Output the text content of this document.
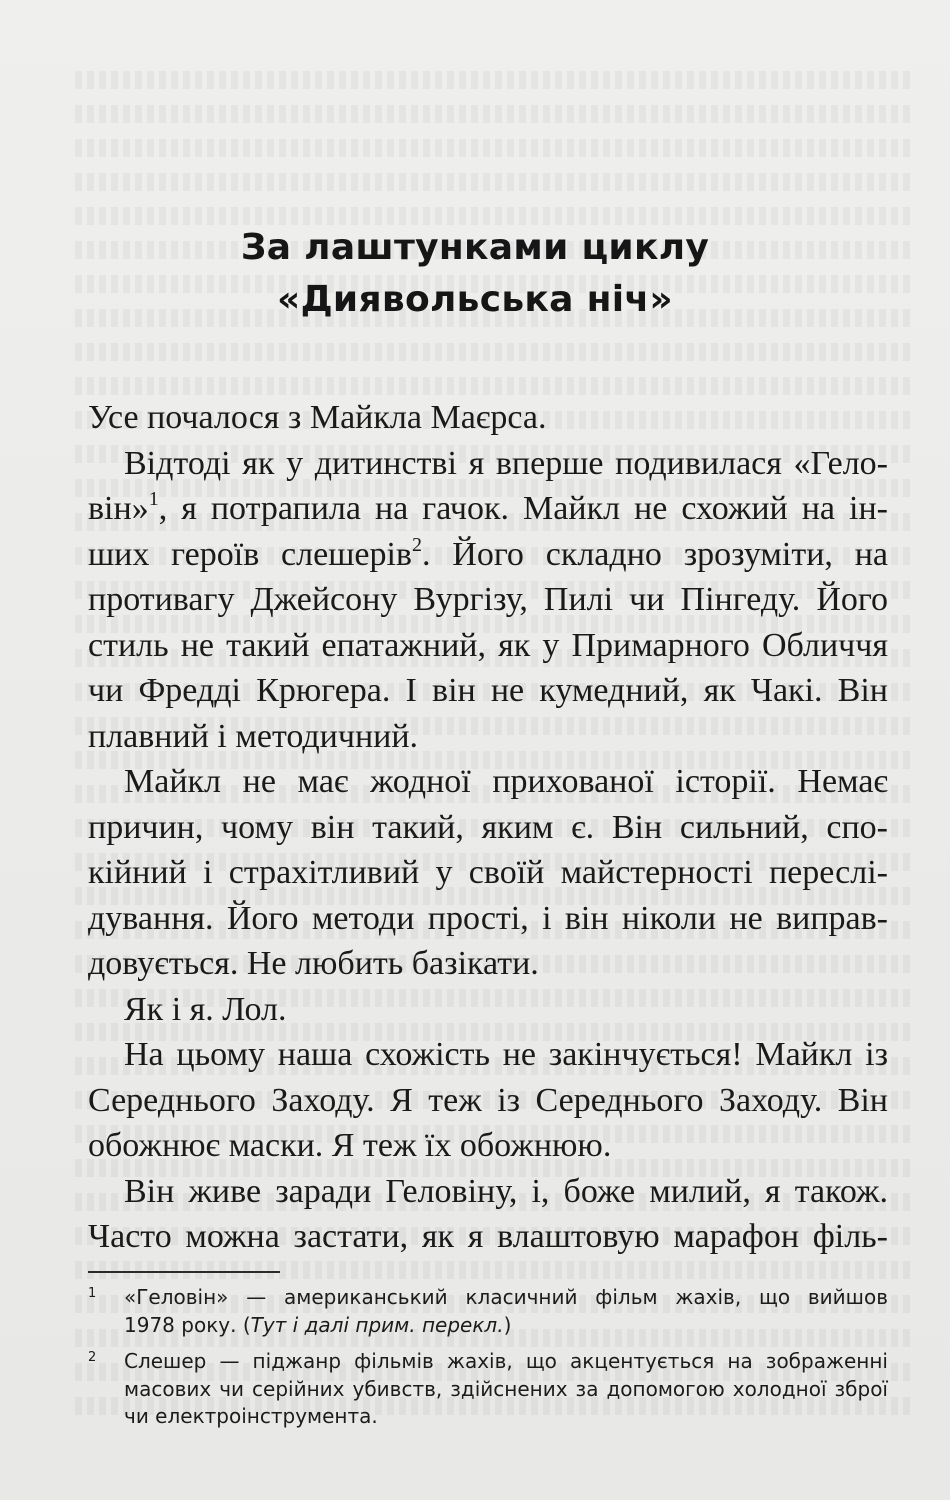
За лаштунками циклу
«Диявольська ніч»
Усе почалося з Майкла Маєрса.
Відтоді як у дитинстві я вперше подивилася «Гело-
він»$^1$, я потрапила на гачок. Майкл не схожий на ін-
ших героїв слешерів$^2$. Його складно зрозуміти, на
противагу Джейсону Вургізу, Пилі чи Пінгеду. Його
стиль не такий епатажний, як у Примарного Обличчя
чи Фредді Крюгера. І він не кумедний, як Чакі. Він
плавний і методичний.
Майкл не має жодної прихованої історії. Немає
причин, чому він такий, яким є. Він сильний, спо-
кійний і страхітливий у своїй майстерності переслі-
дування. Його методи прості, і він ніколи не виправ-
довується. Не любить базікати.
Як і я. Лол.
На цьому наша схожість не закінчується! Майкл із
Середнього Заходу. Я теж із Середнього Заходу. Він
обожнює маски. Я теж їх обожнюю.
Він живе заради Геловіну, і, боже милий, я також.
Часто можна застати, як я влаштовую марафон філь-
1 «Геловін» — американський класичний фільм жахів, що вийшов
1978 року. (Тут і далі прим. перекл.)
2 Слешер — піджанр фільмів жахів, що акцентується на зображенні
масових чи серійних убивств, здійснених за допомогою холодної зброї
чи електроінструмента.
